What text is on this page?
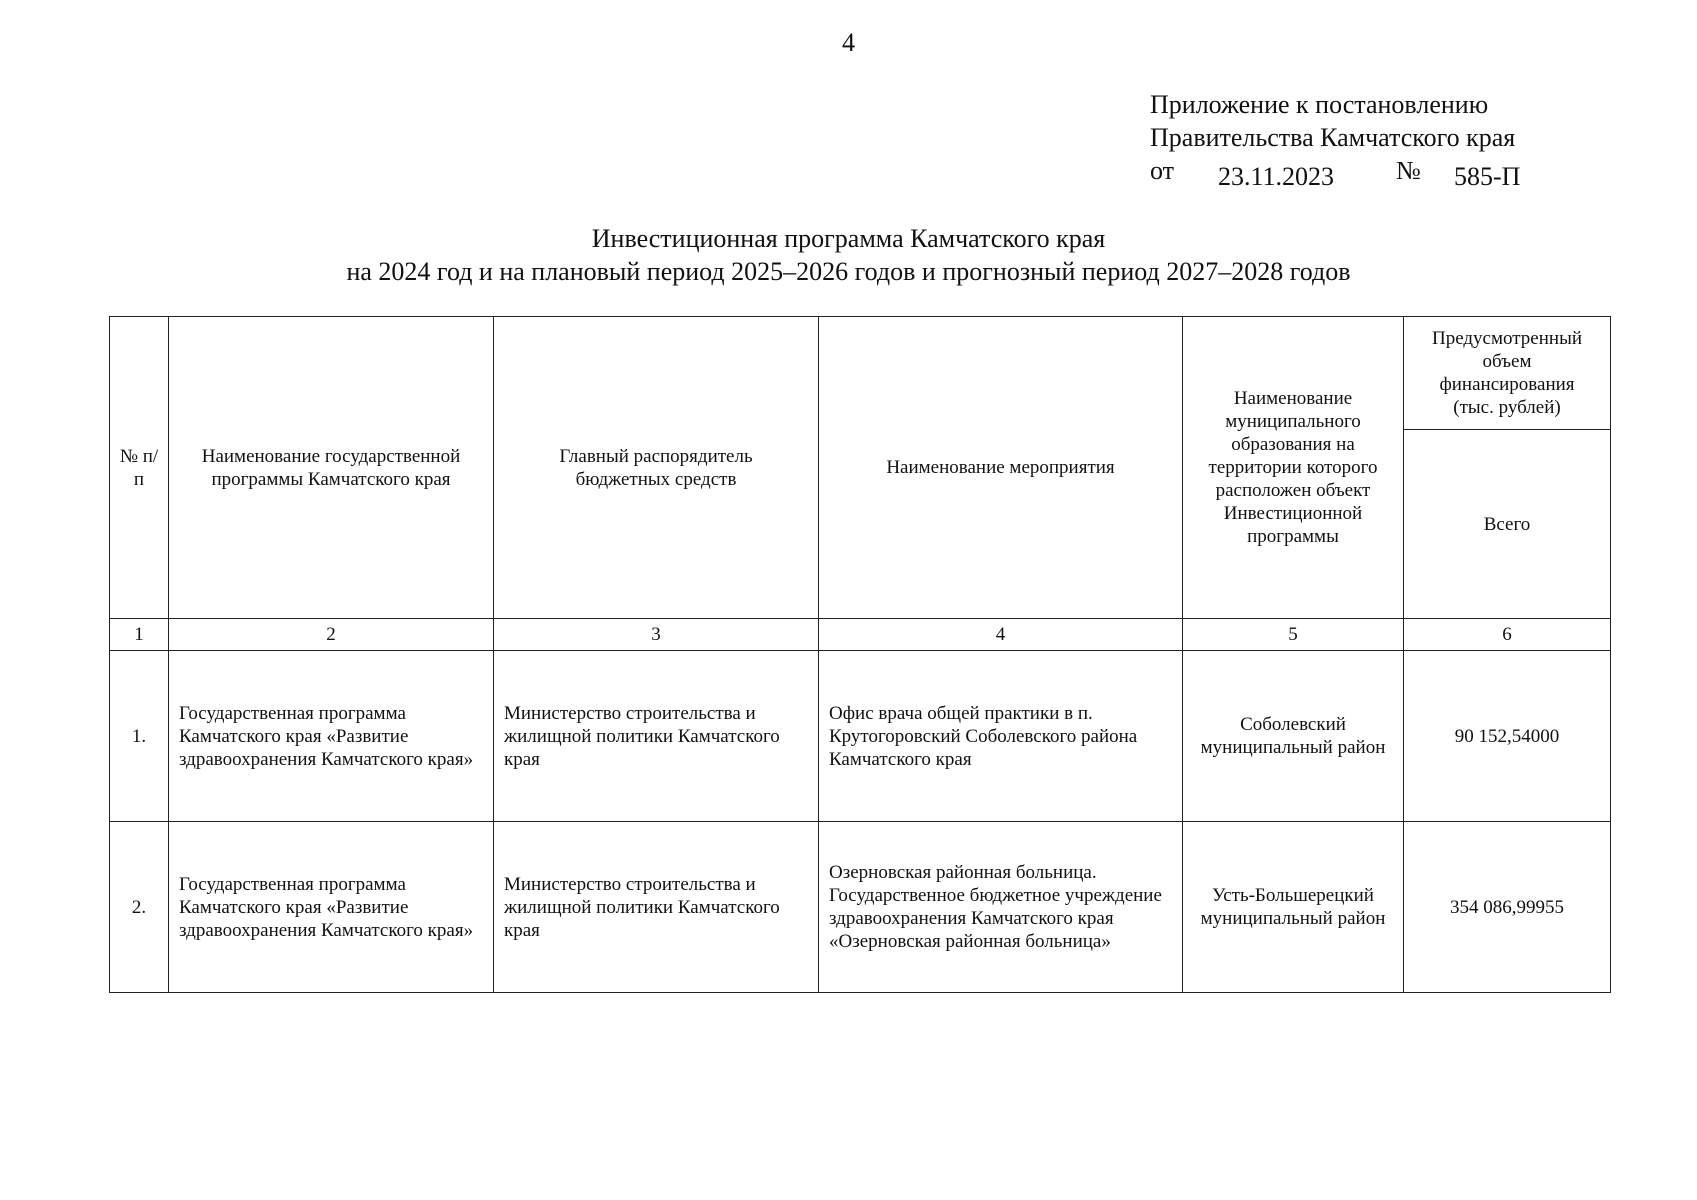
4
Приложение к постановлению
Правительства Камчатского края
от 23.11.2023 № 585-П
Инвестиционная программа Камчатского края
на 2024 год и на плановый период 2025–2026 годов и прогнозный период 2027–2028 годов
№ п/п	Наименование государственной программы Камчатского края	Главный распорядитель бюджетных средств	Наименование мероприятия	Наименование муниципального образования на территории которого расположен объект Инвестиционной программы	Предусмотренный объем финансирования (тыс. рублей)
					Всего
1	2	3	4	5	6
1.	Государственная программа Камчатского края «Развитие здравоохранения Камчатского края»	Министерство строительства и жилищной политики Камчатского края	Офис врача общей практики в п. Крутогоровский Соболевского района Камчатского края	Соболевский муниципальный район	90 152,54000
2.	Государственная программа Камчатского края «Развитие здравоохранения Камчатского края»	Министерство строительства и жилищной политики Камчатского края	Озерновская районная больница. Государственное бюджетное учреждение здравоохранения Камчатского края «Озерновская районная больница»	Усть-Большерецкий муниципальный район	354 086,99955
